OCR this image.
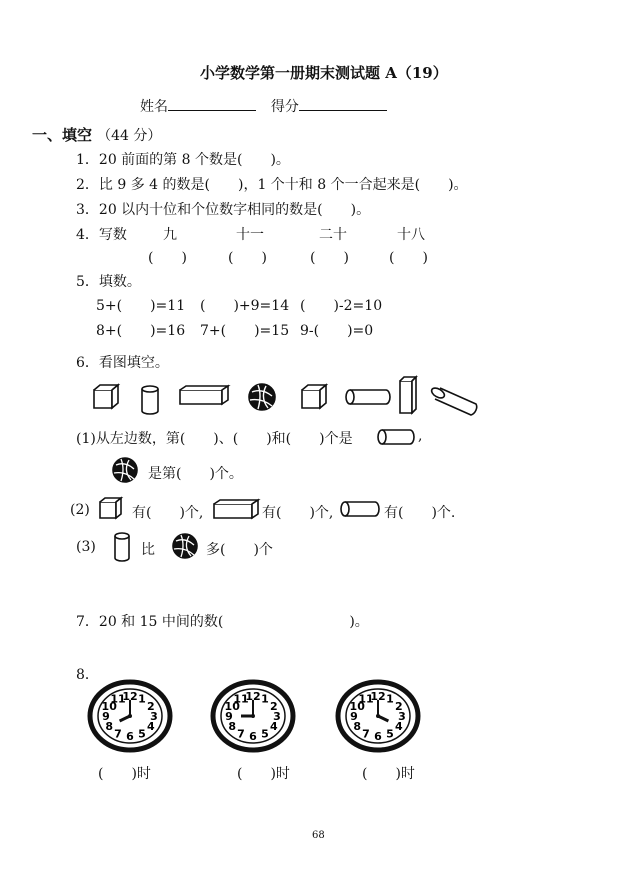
小学数学第一册期末测试题 A（19）
姓名	得分
一、填空 （44 分）
1．20 前面的第 8 个数是(　　)。
2．比 9 多 4 的数是(　　)，1 个十和 8 个一合起来是(　　)。
3．20 以内十位和个位数字相同的数是(　　)。
4．写数	九	十一	二十	十八
(　　)	(　　)	(　　)	(　　)
5．填数。
5+(　　)=11 (　　)+9=14 (　　)-2=10
8+(　　)=16 7+(　　)=15 9-(　　)=0
6．看图填空。
(1)从左边数，第(　　)、(　　)和(　　)个是	,
是第(　　)个。
(2)	有(　　)个,	有(　　)个,	有(　　)个.
(3)	比	多(　　)个
7．20 和 15 中间的数(　　　　　　　　　)。
8．
1
2
3
4
5
6
7
8
9
10
11
12	1
2
3
4
5
6
7
8
9
10
11
12	1
2
3
4
5
6
7
8
9
10
11
12
(　　)时	(　　)时	(　　)时
68
